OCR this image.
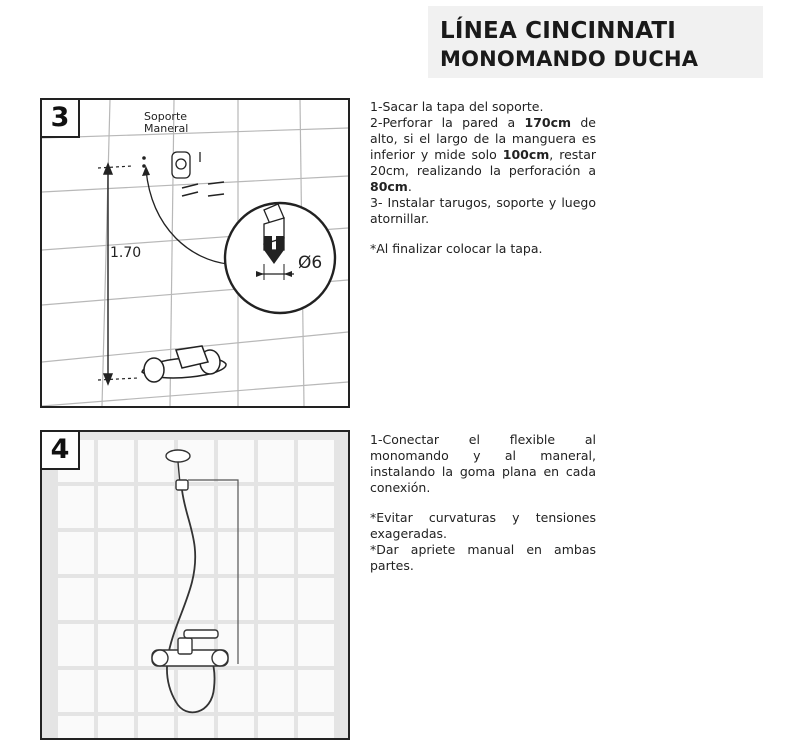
LÍNEA CINCINNATI
MONOMANDO DUCHA
3
1.70
Soporte
Maneral
Ø6

1-Sacar la tapa del soporte.

2-Perforar la pared a 170cm de alto, si el largo de la manguera es inferior y mide solo 100cm, restar 20cm, realizando la perforación a 80cm.

3- Instalar tarugos, soporte y luego atornillar.

*Al finalizar colocar la tapa.

4	1-Conectar el flexible al monomando y al maneral, instalando la goma plana en cada conexión.

*Evitar curvaturas y tensiones exageradas.

*Dar apriete manual en ambas partes.
